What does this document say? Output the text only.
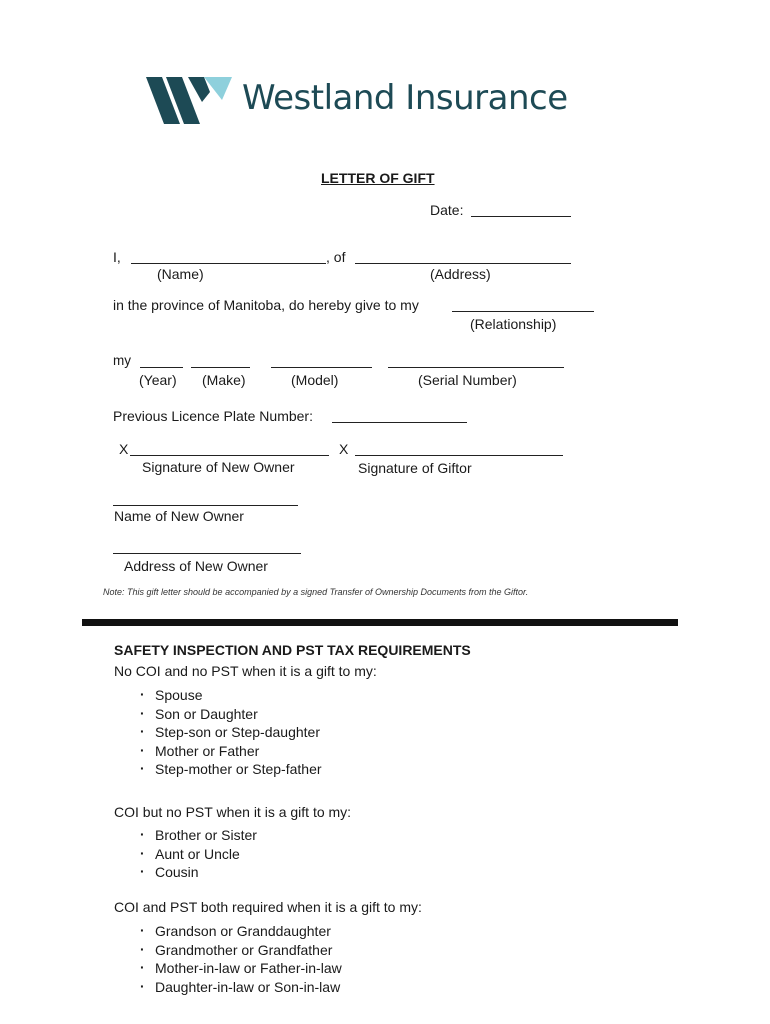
Westland Insurance
LETTER OF GIFT
Date:
I,	, of
(Name)	(Address)
in the province of Manitoba, do hereby give to my
(Relationship)
my
(Year) (Make)	(Model)	(Serial Number)
Previous Licence Plate Number:
X	X
Signature of New Owner	Signature of Giftor
Name of New Owner
Address of New Owner
Note: This gift letter should be accompanied by a signed Transfer of Ownership Documents from the Giftor.
SAFETY INSPECTION AND PST TAX REQUIREMENTS
No COI and no PST when it is a gift to my:
· Spouse
· Son or Daughter
· Step-son or Step-daughter
· Mother or Father
· Step-mother or Step-father
COI but no PST when it is a gift to my:
· Brother or Sister
· Aunt or Uncle
· Cousin
COI and PST both required when it is a gift to my:
· Grandson or Granddaughter
· Grandmother or Grandfather
· Mother-in-law or Father-in-law
· Daughter-in-law or Son-in-law
